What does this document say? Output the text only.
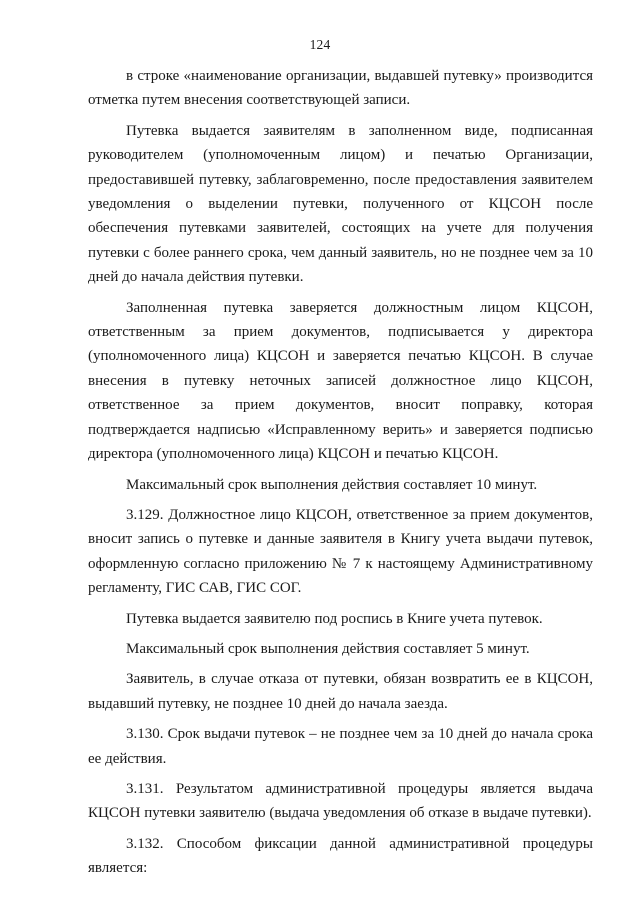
124

в строке «наименование организации, выдавшей путевку» производится отметка путем внесения соответствующей записи.

Путевка выдается заявителям в заполненном виде, подписанная руководителем (уполномоченным лицом) и печатью Организации, предоставившей путевку, заблаговременно, после предоставления заявителем уведомления о выделении путевки, полученного от КЦСОН после обеспечения путевками заявителей, состоящих на учете для получения путевки с более раннего срока, чем данный заявитель, но не позднее чем за 10 дней до начала действия путевки.

Заполненная путевка заверяется должностным лицом КЦСОН, ответственным за прием документов, подписывается у директора (уполномоченного лица) КЦСОН и заверяется печатью КЦСОН. В случае внесения в путевку неточных записей должностное лицо КЦСОН, ответственное за прием документов, вносит поправку, которая подтверждается надписью «Исправленному верить» и заверяется подписью директора (уполномоченного лица) КЦСОН и печатью КЦСОН.

Максимальный срок выполнения действия составляет 10 минут.

3.129. Должностное лицо КЦСОН, ответственное за прием документов, вносит запись о путевке и данные заявителя в Книгу учета выдачи путевок, оформленную согласно приложению № 7 к настоящему Административному регламенту, ГИС САВ, ГИС СОГ.

Путевка выдается заявителю под роспись в Книге учета путевок.

Максимальный срок выполнения действия составляет 5 минут.

Заявитель, в случае отказа от путевки, обязан возвратить ее в КЦСОН, выдавший путевку, не позднее 10 дней до начала заезда.

3.130. Срок выдачи путевок – не позднее чем за 10 дней до начала срока ее действия.

3.131. Результатом административной процедуры является выдача КЦСОН путевки заявителю (выдача уведомления об отказе в выдаче путевки).

3.132. Способом фиксации данной административной процедуры является:
